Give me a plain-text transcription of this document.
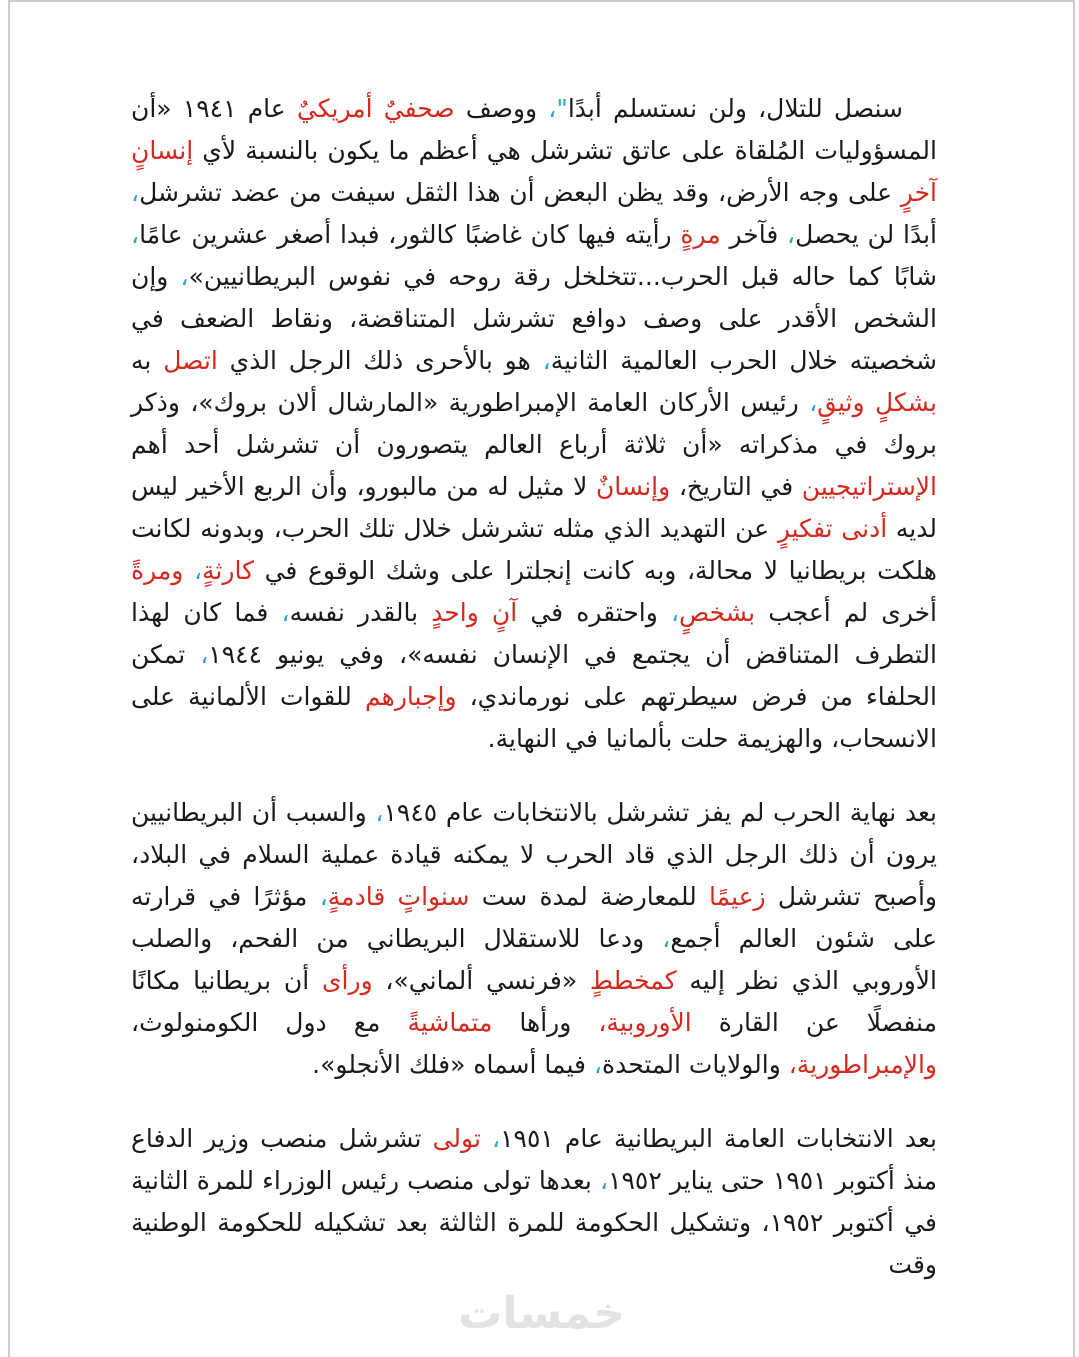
سنصل للتلال، ولن نستسلم أبدًا"، ووصف صحفيٌ أمريكيٌ عام ١٩٤١ «أن المسؤوليات المُلقاة على عاتق تشرشل هي أعظم ما يكون بالنسبة لأي إنسانٍ آخرٍ على وجه الأرض، وقد يظن البعض أن هذا الثقل سيفت من عضد تشرشل، أبدًا لن يحصل، فآخر مرةٍ رأيته فيها كان غاضبًا كالثور، فبدا أصغر عشرين عامًا، شابًا كما حاله قبل الحرب...تتخلخل رقة روحه في نفوس البريطانيين»، وإن الشخص الأقدر على وصف دوافع تشرشل المتناقضة، ونقاط الضعف في شخصيته خلال الحرب العالمية الثانية، هو بالأحرى ذلك الرجل الذي اتصل به بشكلٍ وثيقٍ، رئيس الأركان العامة الإمبراطورية «المارشال ألان بروك»، وذكر بروك في مذكراته «أن ثلاثة أرباع العالم يتصورون أن تشرشل أحد أهم الإستراتيجيين في التاريخ، وإنسانٌ لا مثيل له من مالبورو، وأن الربع الأخير ليس لديه أدنى تفكيرٍ عن التهديد الذي مثله تشرشل خلال تلك الحرب، وبدونه لكانت هلكت بريطانيا لا محالة، وبه كانت إنجلترا على وشك الوقوع في كارثةٍ، ومرةً أخرى لم أعجب بشخصٍ، واحتقره في آنٍ واحدٍ بالقدر نفسه، فما كان لهذا التطرف المتناقض أن يجتمع في الإنسان نفسه»، وفي يونيو ١٩٤٤، تمكن الحلفاء من فرض سيطرتهم على نورماندي، وإجبارهم للقوات الألمانية على الانسحاب، والهزيمة حلت بألمانيا في النهاية.

بعد نهاية الحرب لم يفز تشرشل بالانتخابات عام ١٩٤٥، والسبب أن البريطانيين يرون أن ذلك الرجل الذي قاد الحرب لا يمكنه قيادة عملية السلام في البلاد، وأصبح تشرشل زعيمًا للمعارضة لمدة ست سنواتٍ قادمةٍ، مؤثرًا في قرارته على شئون العالم أجمع، ودعا للاستقلال البريطاني من الفحم، والصلب الأوروبي الذي نظر إليه كمخططٍ «فرنسي ألماني»، ورأى أن بريطانيا مكانًا منفصلًا عن القارة الأوروبية، ورأها متماشيةً مع دول الكومنولوث، والإمبراطورية، والولايات المتحدة، فيما أسماه «فلك الأنجلو».

بعد الانتخابات العامة البريطانية عام ١٩٥١، تولى تشرشل منصب وزير الدفاع منذ أكتوبر ١٩٥١ حتى يناير ١٩٥٢، بعدها تولى منصب رئيس الوزراء للمرة الثانية في أكتوبر ١٩٥٢، وتشكيل الحكومة للمرة الثالثة بعد تشكيله للحكومة الوطنية وقت

خمسات
